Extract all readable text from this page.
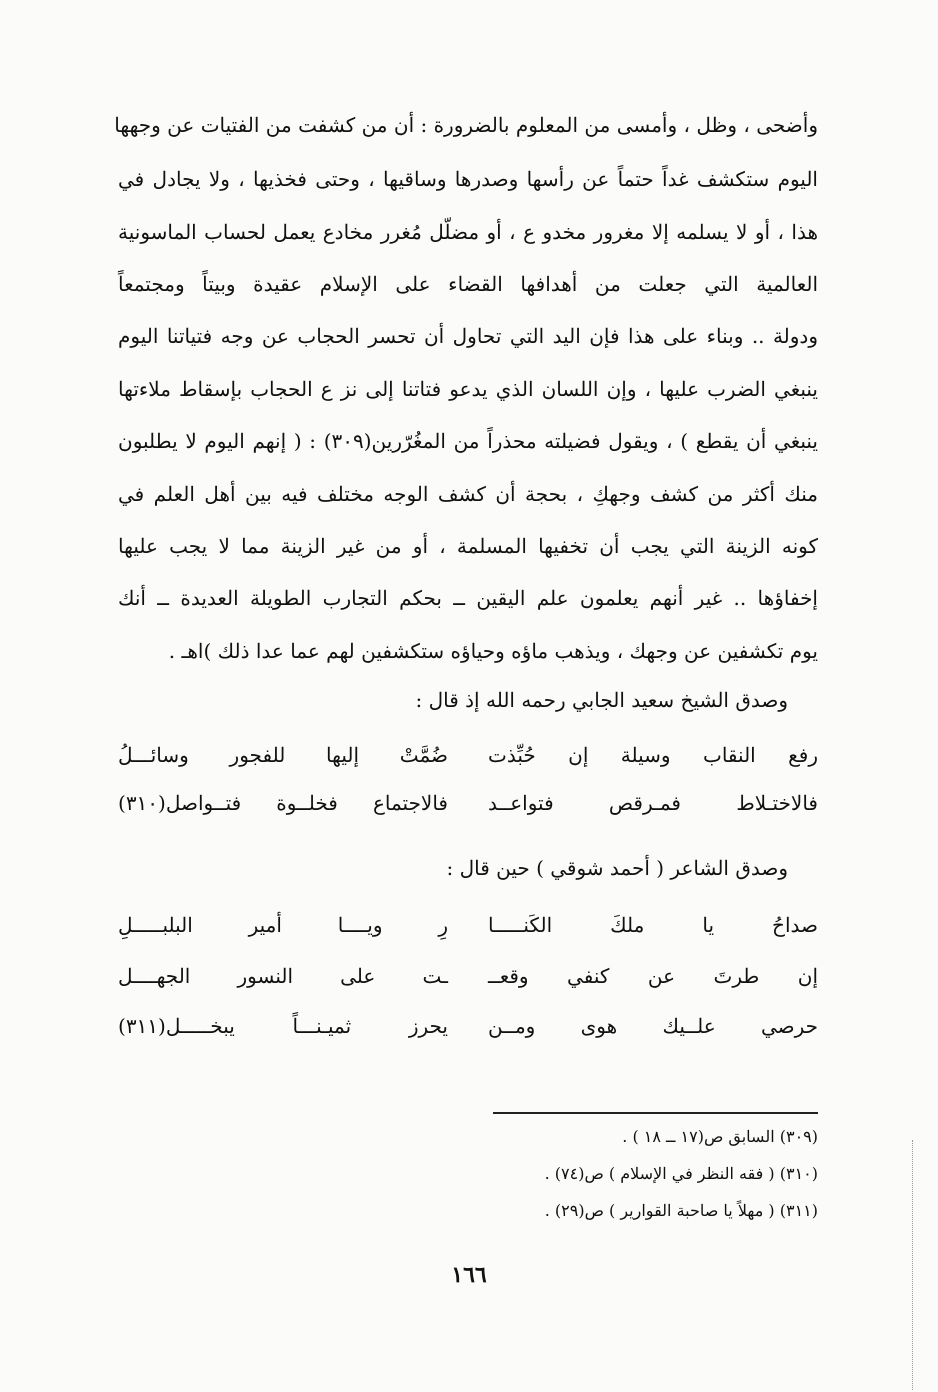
وأضحى ، وظل ، وأمسى من المعلوم بالضرورة : أن من كشفت من الفتيات عن وجهها
اليوم ستكشف غداً حتماً عن رأسها وصدرها وساقيها ، وحتى فخذيها ، ولا يجادل في
هذا ، أو لا يسلمه إلا مغرور مخدو ع ، أو مضلّل مُغرر مخادع يعمل لحساب الماسونية
العالمية التي جعلت من أهدافها القضاء على الإسلام عقيدة وبيتاً ومجتمعاً
ودولة .. وبناء على هذا فإن اليد التي تحاول أن تحسر الحجاب عن وجه فتياتنا اليوم
ينبغي الضرب عليها ، وإن اللسان الذي يدعو فتاتنا إلى نز ع الحجاب بإسقاط ملاءتها
ينبغي أن يقطع ) ، ويقول فضيلته محذراً من المغُرّرين(٣٠٩) : ( إنهم اليوم لا يطلبون
منك أكثر من كشف وجهكِ ، بحجة أن كشف الوجه مختلف فيه بين أهل العلم في
كونه الزينة التي يجب أن تخفيها المسلمة ، أو من غير الزينة مما لا يجب عليها
إخفاؤها .. غير أنهم يعلمون علم اليقين ــ بحكم التجارب الطويلة العديدة ــ أنك
يوم تكشفين عن وجهك ، ويذهب ماؤه وحياؤه ستكشفين لهم عما عدا ذلك )اهـ .
وصدق الشيخ سعيد الجابي رحمه الله إذ قال :
رفع النقاب وسيلة إن حُبِّذت
ضُمَّتْ إليها للفجور وسائـــلُ
فالاختـلاط فمـرقص فتواعــد
فالاجتماع فخلــوة فتــواصل(٣١٠)
وصدق الشاعر ( أحمد شوقي ) حين قال :
صداحُ يا ملكَ الكَنـــــا
رِ ويــــا أمير البلبـــــلِ
إن طرتَ عن كنفي وقعــ
ـت على النسور الجهــــل
حرصي علــيك هوى ومــن
يحرز ثميـنـــاً يبخـــــل(٣١١)
(٣٠٩) السابق ص(١٧ ــ ١٨ ) .
(٣١٠) ( فقه النظر في الإسلام ) ص(٧٤) .
(٣١١) ( مهلاً يا صاحبة القوارير ) ص(٢٩) .
١٦٦
